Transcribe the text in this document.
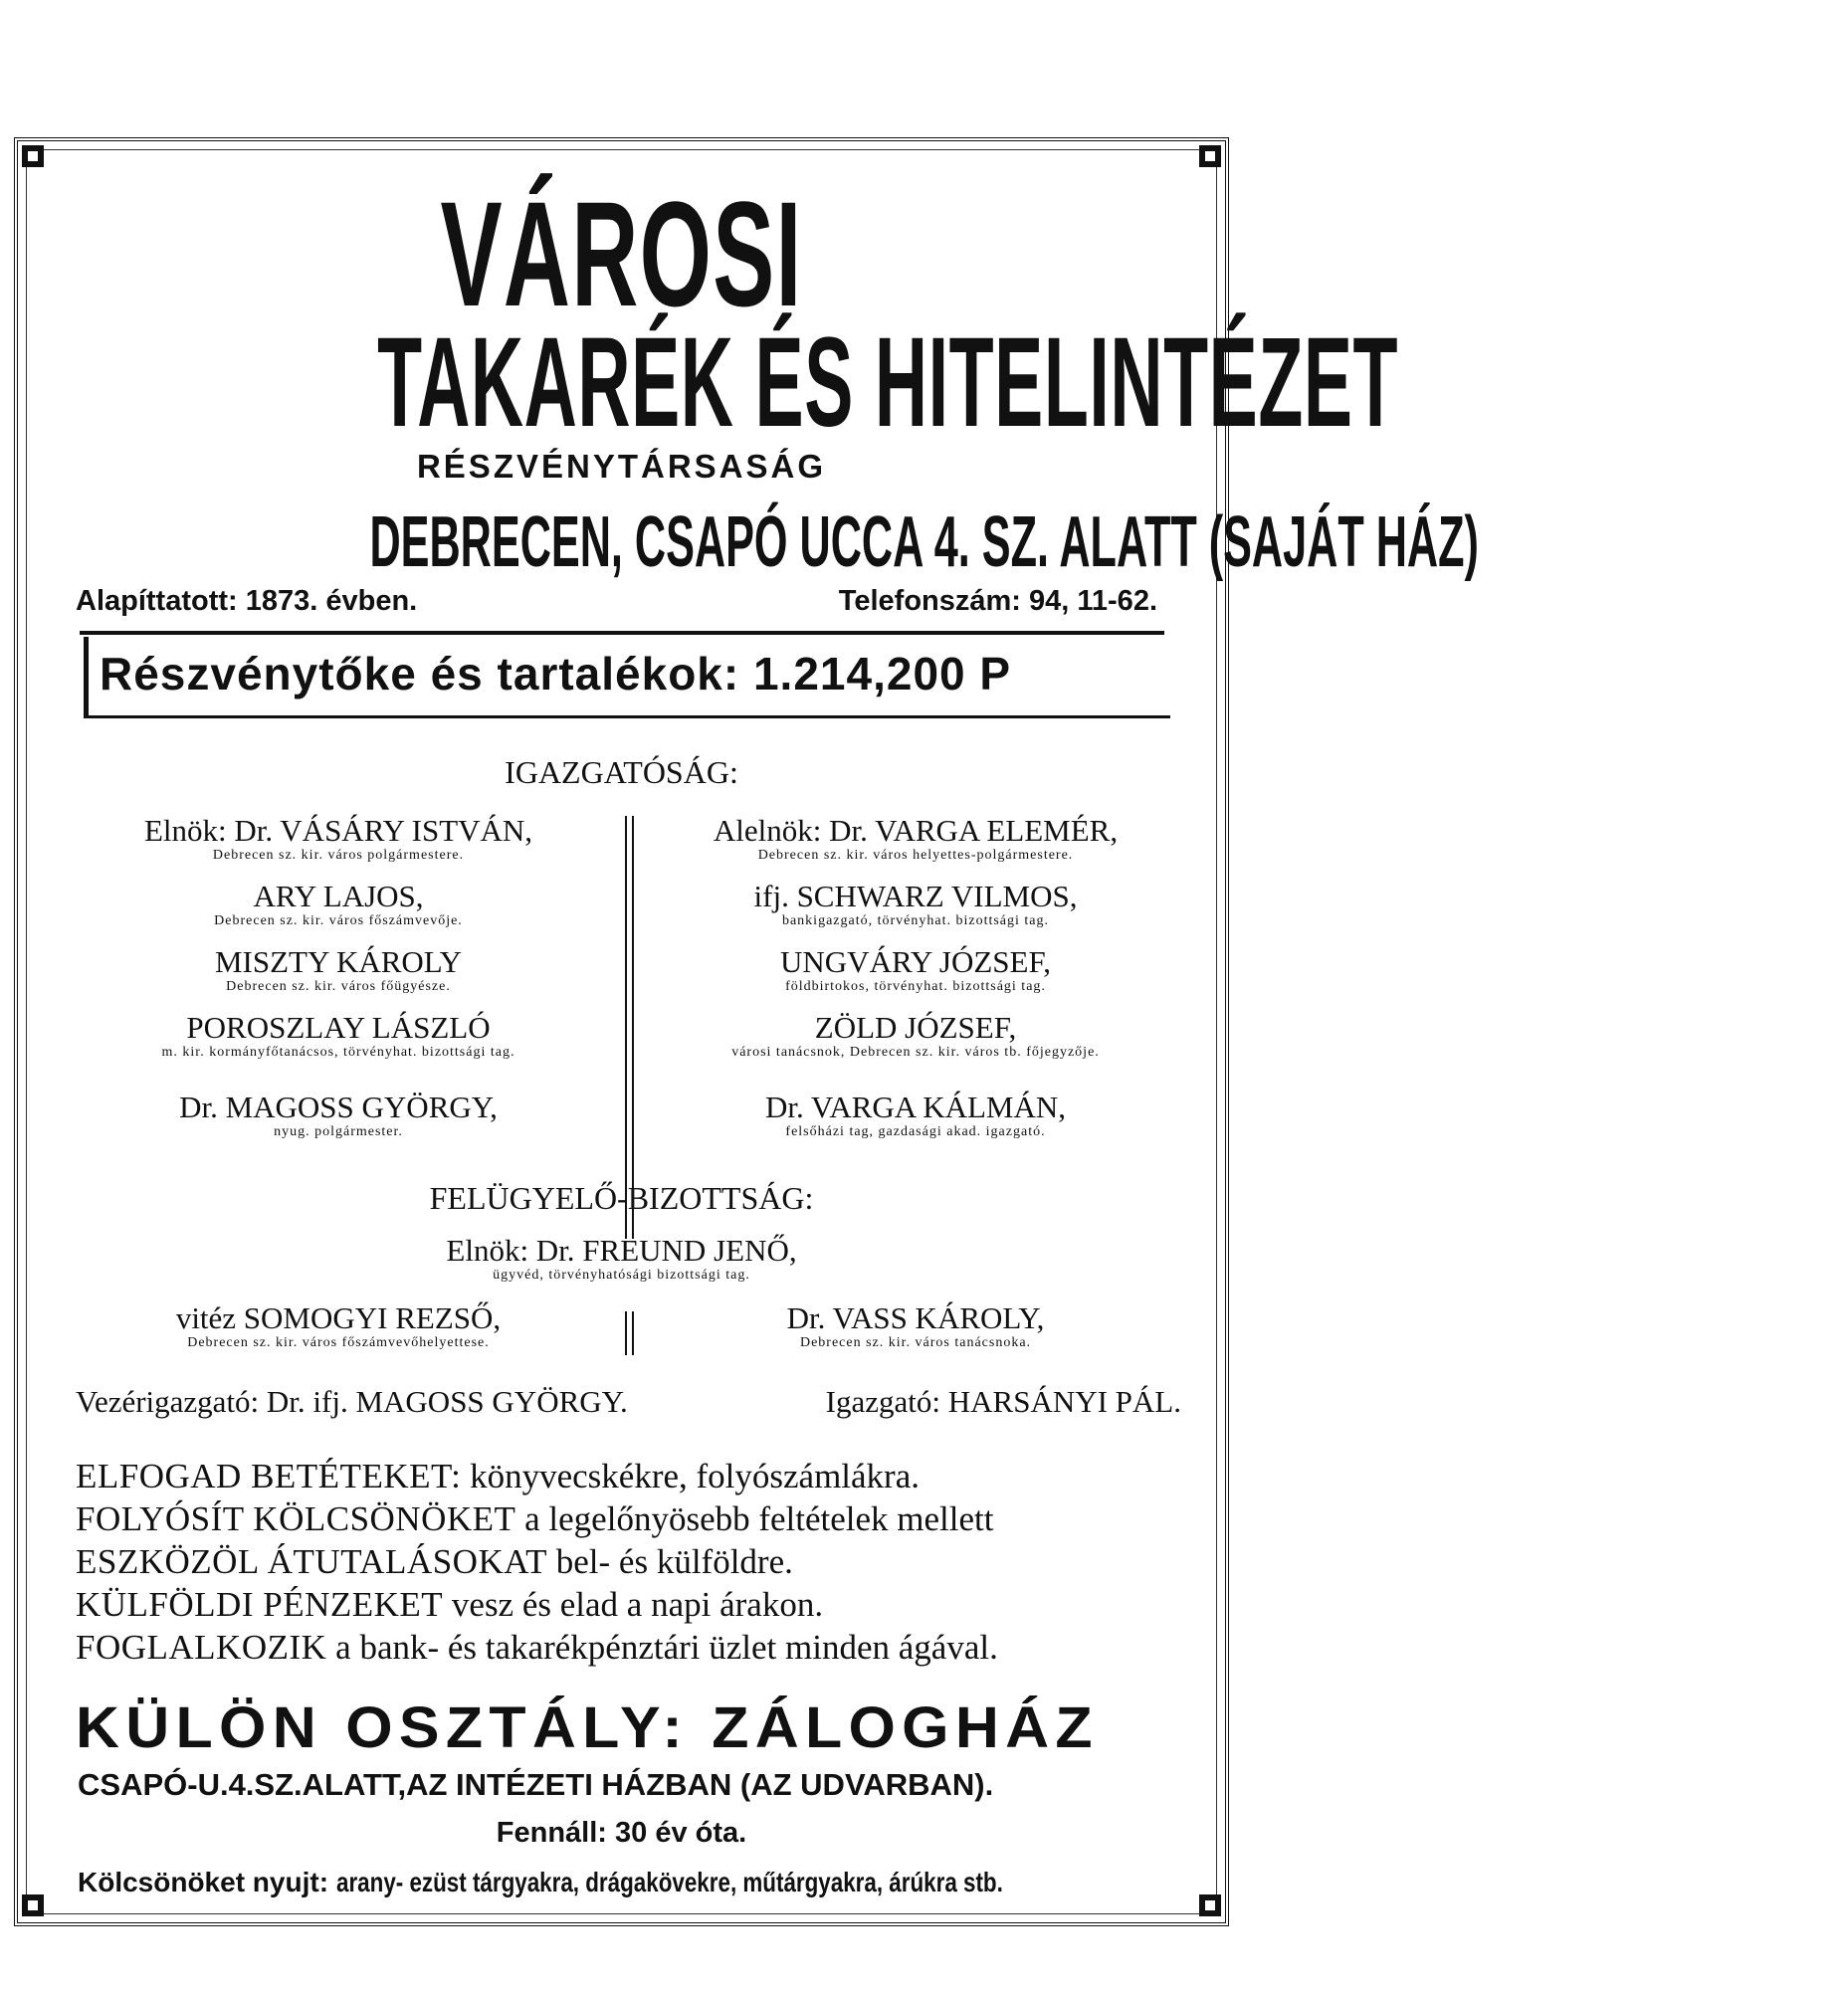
VÁROSI
TAKARÉK ÉS HITELINTÉZET
RÉSZVÉNYTÁRSASÁG
DEBRECEN, CSAPÓ UCCA 4. SZ. ALATT (SAJÁT HÁZ)
Alapíttatott: 1873. évben.	Telefonszám: 94, 11-62.
Részvénytőke és tartalékok: 1.214,200 P
IGAZGATÓSÁG:
Elnök: Dr. VÁSÁRY ISTVÁN,
Debrecen sz. kir. város polgármestere.
ARY LAJOS,
Debrecen sz. kir. város főszámvevője.
MISZTY KÁROLY
Debrecen sz. kir. város főügyésze.
POROSZLAY LÁSZLÓ
m. kir. kormányfőtanácsos, törvényhat. bizottsági tag.
Dr. MAGOSS GYÖRGY,
nyug. polgármester.
Alelnök: Dr. VARGA ELEMÉR,
Debrecen sz. kir. város helyettes-polgármestere.
ifj. SCHWARZ VILMOS,
bankigazgató, törvényhat. bizottsági tag.
UNGVÁRY JÓZSEF,
földbirtokos, törvényhat. bizottsági tag.
ZÖLD JÓZSEF,
városi tanácsnok, Debrecen sz. kir. város tb. főjegyzője.
Dr. VARGA KÁLMÁN,
felsőházi tag, gazdasági akad. igazgató.
FELÜGYELŐ-BIZOTTSÁG:
Elnök: Dr. FREUND JENŐ,
ügyvéd, törvényhatósági bizottsági tag.
vitéz SOMOGYI REZSŐ,
Debrecen sz. kir. város főszámvevőhelyettese.
Dr. VASS KÁROLY,
Debrecen sz. kir. város tanácsnoka.
Vezérigazgató: Dr. ifj. MAGOSS GYÖRGY.	Igazgató: HARSÁNYI PÁL.
ELFOGAD BETÉTEKET: könyvecskékre, folyószámlákra.
FOLYÓSÍT KÖLCSÖNÖKET a legelőnyösebb feltételek mellett
ESZKÖZÖL ÁTUTALÁSOKAT bel- és külföldre.
KÜLFÖLDI PÉNZEKET vesz és elad a napi árakon.
FOGLALKOZIK a bank- és takarékpénztári üzlet minden ágával.
KÜLÖN OSZTÁLY: ZÁLOGHÁZ
CSAPÓ-U.4.SZ.ALATT,AZ INTÉZETI HÁZBAN (AZ UDVARBAN).
Fennáll: 30 év óta.
Kölcsönöket nyujt: arany- ezüst tárgyakra, drágakövekre, műtárgyakra, árúkra stb.
